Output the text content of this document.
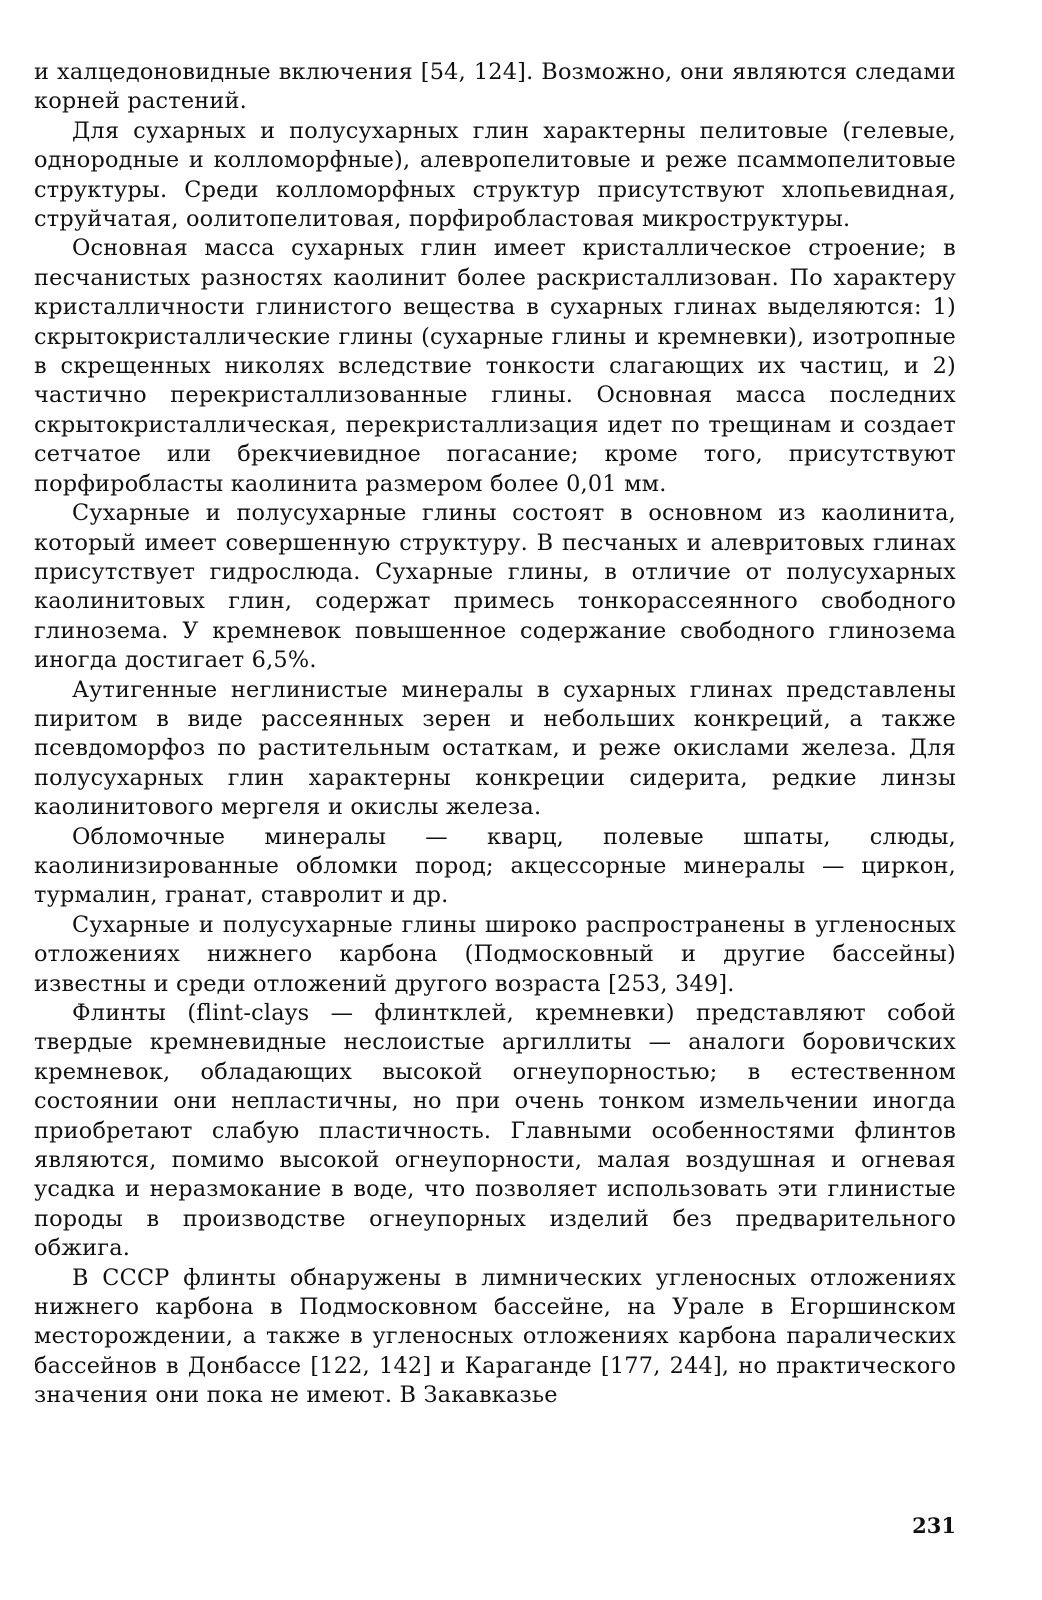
и халцедоновидные включения [54, 124]. Возможно, они являются следами корней растений.

Для сухарных и полусухарных глин характерны пелитовые (гелевые, однородные и колломорфные), алевропелитовые и реже псаммопелитовые структуры. Среди колломорфных структур присутствуют хлопьевидная, струйчатая, оолитопелитовая, порфиробластовая микроструктуры.

Основная масса сухарных глин имеет кристаллическое строение; в песчанистых разностях каолинит более раскристаллизован. По характеру кристалличности глинистого вещества в сухарных глинах выделяются: 1) скрытокристаллические глины (сухарные глины и кремневки), изотропные в скрещенных николях вследствие тонкости слагающих их частиц, и 2) частично перекристаллизованные глины. Основная масса последних скрытокристаллическая, перекристаллизация идет по трещинам и создает сетчатое или брекчиевидное погасание; кроме того, присутствуют порфиробласты каолинита размером более 0,01 мм.

Сухарные и полусухарные глины состоят в основном из каолинита, который имеет совершенную структуру. В песчаных и алевритовых глинах присутствует гидрослюда. Сухарные глины, в отличие от полусухарных каолинитовых глин, содержат примесь тонкорассеянного свободного глинозема. У кремневок повышенное содержание свободного глинозема иногда достигает 6,5%.

Аутигенные неглинистые минералы в сухарных глинах представлены пиритом в виде рассеянных зерен и небольших конкреций, а также псевдоморфоз по растительным остаткам, и реже окислами железа. Для полусухарных глин характерны конкреции сидерита, редкие линзы каолинитового мергеля и окислы железа.

Обломочные минералы — кварц, полевые шпаты, слюды, каолинизированные обломки пород; акцессорные минералы — циркон, турмалин, гранат, ставролит и др.

Сухарные и полусухарные глины широко распространены в угленосных отложениях нижнего карбона (Подмосковный и другие бассейны) известны и среди отложений другого возраста [253, 349].

Флинты (flint-clays — флинтклей, кремневки) представляют собой твердые кремневидные неслоистые аргиллиты — аналоги боровичских кремневок, обладающих высокой огнеупорностью; в естественном состоянии они непластичны, но при очень тонком измельчении иногда приобретают слабую пластичность. Главными особенностями флинтов являются, помимо высокой огнеупорности, малая воздушная и огневая усадка и неразмокание в воде, что позволяет использовать эти глинистые породы в производстве огнеупорных изделий без предварительного обжига.

В СССР флинты обнаружены в лимнических угленосных отложениях нижнего карбона в Подмосковном бассейне, на Урале в Егоршинском месторождении, а также в угленосных отложениях карбона паралических бассейнов в Донбассе [122, 142] и Караганде [177, 244], но практического значения они пока не имеют. В Закавказье

231
